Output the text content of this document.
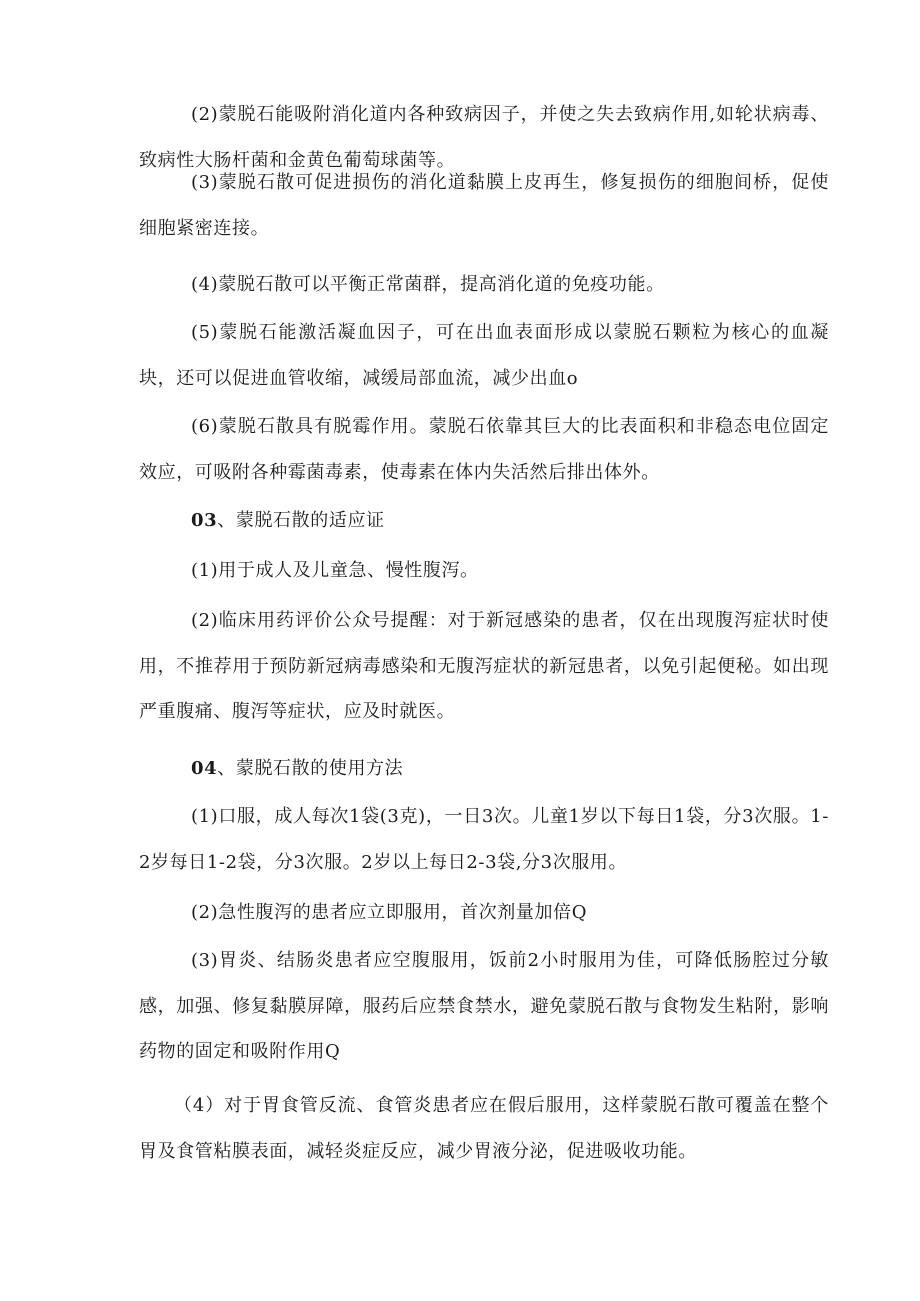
(2)蒙脱石能吸附消化道内各种致病因子，并使之失去致病作用,如轮状病毒、致病性大肠杆菌和金黄色葡萄球菌等。

(3)蒙脱石散可促进损伤的消化道黏膜上皮再生，修复损伤的细胞间桥，促使细胞紧密连接。

(4)蒙脱石散可以平衡正常菌群，提高消化道的免疫功能。

(5)蒙脱石能激活凝血因子，可在出血表面形成以蒙脱石颗粒为核心的血凝块，还可以促进血管收缩，减缓局部血流，减少出血o

(6)蒙脱石散具有脱霉作用。蒙脱石依靠其巨大的比表面积和非稳态电位固定效应，可吸附各种霉菌毒素，使毒素在体内失活然后排出体外。

03、蒙脱石散的适应证

(1)用于成人及儿童急、慢性腹泻。

(2)临床用药评价公众号提醒：对于新冠感染的患者，仅在出现腹泻症状时使用，不推荐用于预防新冠病毒感染和无腹泻症状的新冠患者，以免引起便秘。如出现严重腹痛、腹泻等症状，应及时就医。

04、蒙脱石散的使用方法

(1)口服，成人每次1袋(3克)，一日3次。儿童1岁以下每日1袋，分3次服。1-2岁每日1-2袋，分3次服。2岁以上每日2-3袋,分3次服用。

(2)急性腹泻的患者应立即服用，首次剂量加倍Q

(3)胃炎、结肠炎患者应空腹服用，饭前2小时服用为佳，可降低肠腔过分敏感，加强、修复黏膜屏障，服药后应禁食禁水，避免蒙脱石散与食物发生粘附，影响药物的固定和吸附作用Q

（4）对于胃食管反流、食管炎患者应在假后服用，这样蒙脱石散可覆盖在整个胃及食管粘膜表面，减轻炎症反应，减少胃液分泌，促进吸收功能。
